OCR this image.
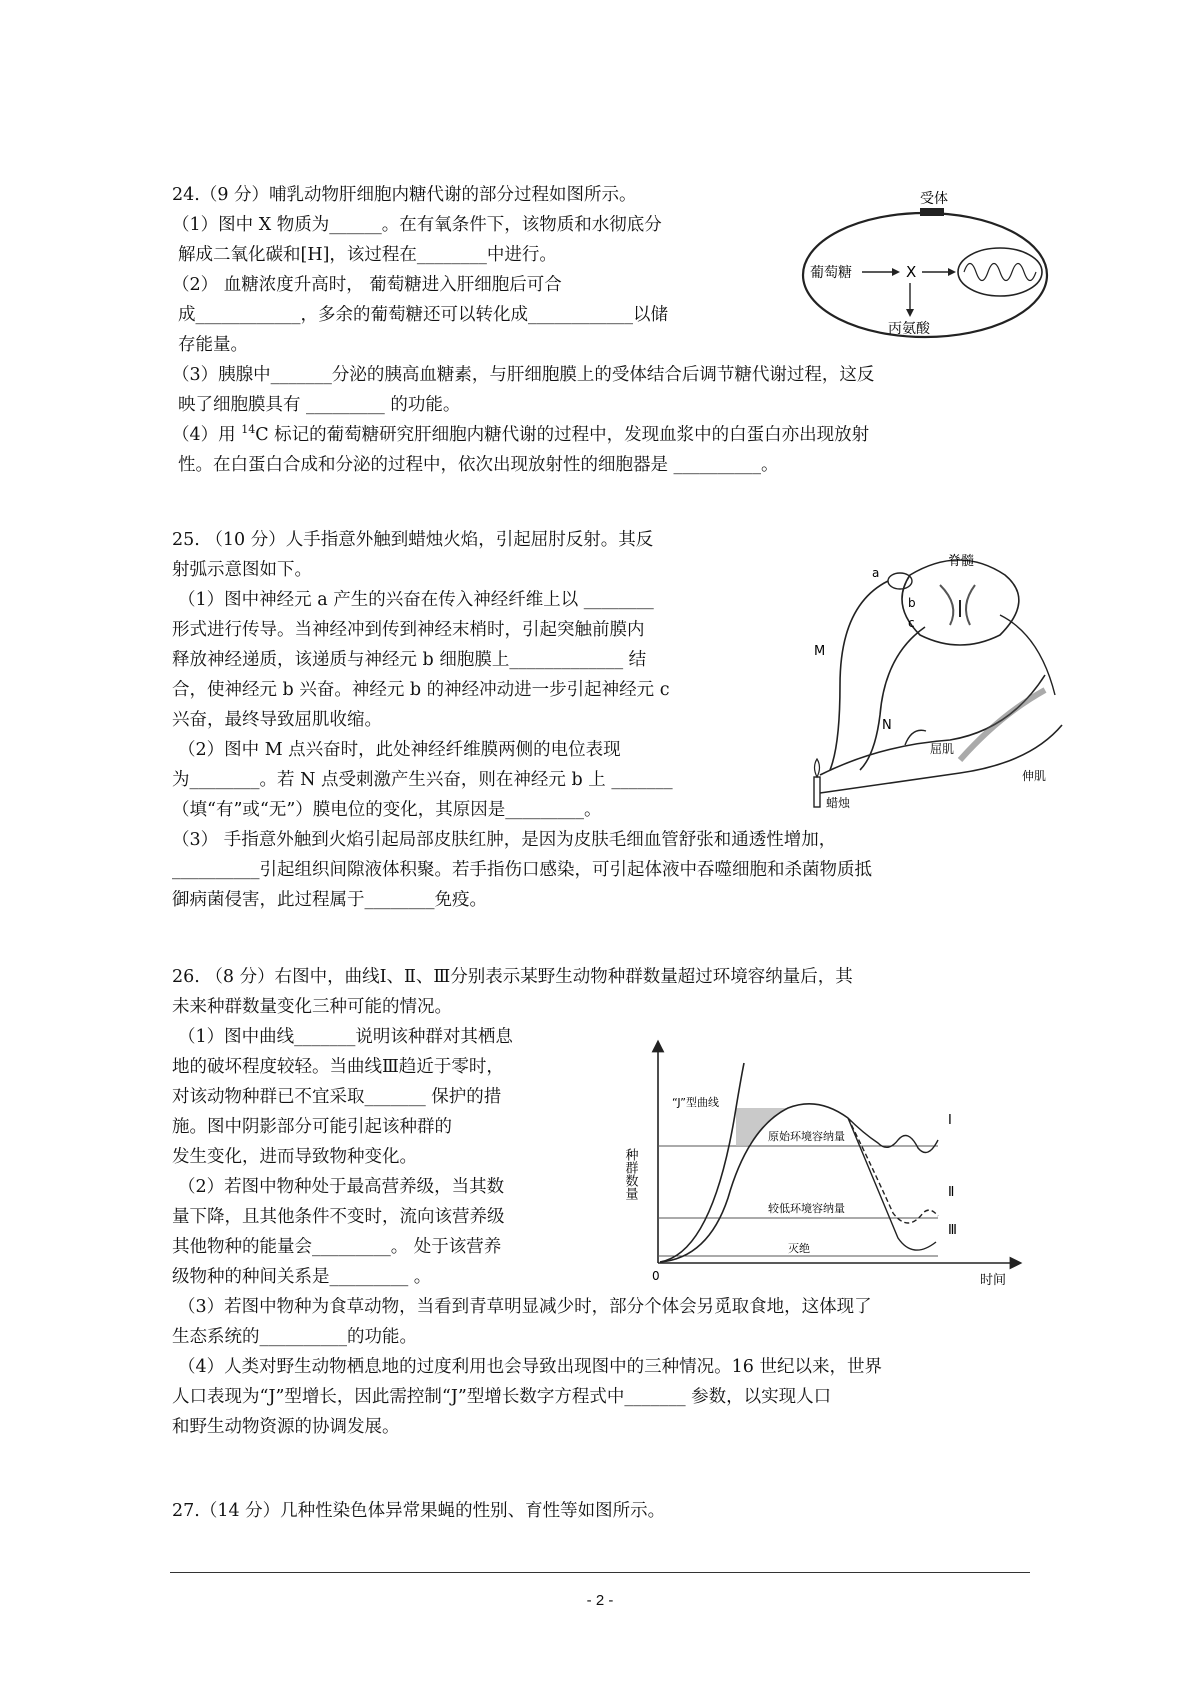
24.（9 分）哺乳动物肝细胞内糖代谢的部分过程如图所示。
（1）图中 X 物质为______。在有氧条件下，该物质和水彻底分
解成二氧化碳和[H]，该过程在________中进行。
（2） 血糖浓度升高时， 葡萄糖进入肝细胞后可合
成____________，多余的葡萄糖还可以转化成____________以储
存能量。
（3）胰腺中_______分泌的胰高血糖素，与肝细胞膜上的受体结合后调节糖代谢过程，这反
映了细胞膜具有 _________ 的功能。
（4）用 $^{14}$C 标记的葡萄糖研究肝细胞内糖代谢的过程中，发现血浆中的白蛋白亦出现放射
性。在白蛋白合成和分泌的过程中，依次出现放射性的细胞器是 __________。
受体
葡萄糖	X
丙氨酸
25. （10 分）人手指意外触到蜡烛火焰，引起屈肘反射。其反
射弧示意图如下。
（1）图中神经元 a 产生的兴奋在传入神经纤维上以 ________
形式进行传导。当神经冲到传到神经末梢时，引起突触前膜内
释放神经递质，该递质与神经元 b 细胞膜上_____________ 结
合，使神经元 b 兴奋。神经元 b 的神经冲动进一步引起神经元 c
兴奋，最终导致屈肌收缩。
（2）图中 M 点兴奋时，此处神经纤维膜两侧的电位表现
为________。若 N 点受刺激产生兴奋，则在神经元 b 上 _______
（填“有”或“无”）膜电位的变化，其原因是_________。
（3） 手指意外触到火焰引起局部皮肤红肿，是因为皮肤毛细血管舒张和通透性增加，
__________引起组织间隙液体积聚。若手指伤口感染，可引起体液中吞噬细胞和杀菌物质抵
御病菌侵害，此过程属于________免疫。
脊髓
a
b
c
M
N
屈肌
伸肌
蜡烛
26. （8 分）右图中，曲线Ⅰ、Ⅱ、Ⅲ分别表示某野生动物种群数量超过环境容纳量后，其
未来种群数量变化三种可能的情况。
（1）图中曲线_______说明该种群对其栖息
地的破坏程度较轻。当曲线Ⅲ趋近于零时，
对该动物种群已不宜采取_______ 保护的措
施。图中阴影部分可能引起该种群的
发生变化，进而导致物种变化。
（2）若图中物种处于最高营养级，当其数
量下降，且其他条件不变时，流向该营养级
其他物种的能量会_________。 处于该营养
级物种的种间关系是_________ 。
（3）若图中物种为食草动物，当看到青草明显减少时，部分个体会另觅取食地，这体现了
生态系统的__________的功能。
（4）人类对野生动物栖息地的过度利用也会导致出现图中的三种情况。16 世纪以来，世界
人口表现为“J”型增长，因此需控制“J”型增长数字方程式中_______ 参数，以实现人口
和野生动物资源的协调发展。
种群数量
时间
0
“J”型曲线
原始环境容纳量
较低环境容纳量
灭绝
Ⅰ
Ⅱ
Ⅲ
27.（14 分）几种性染色体异常果蝇的性别、育性等如图所示。
- 2 -
